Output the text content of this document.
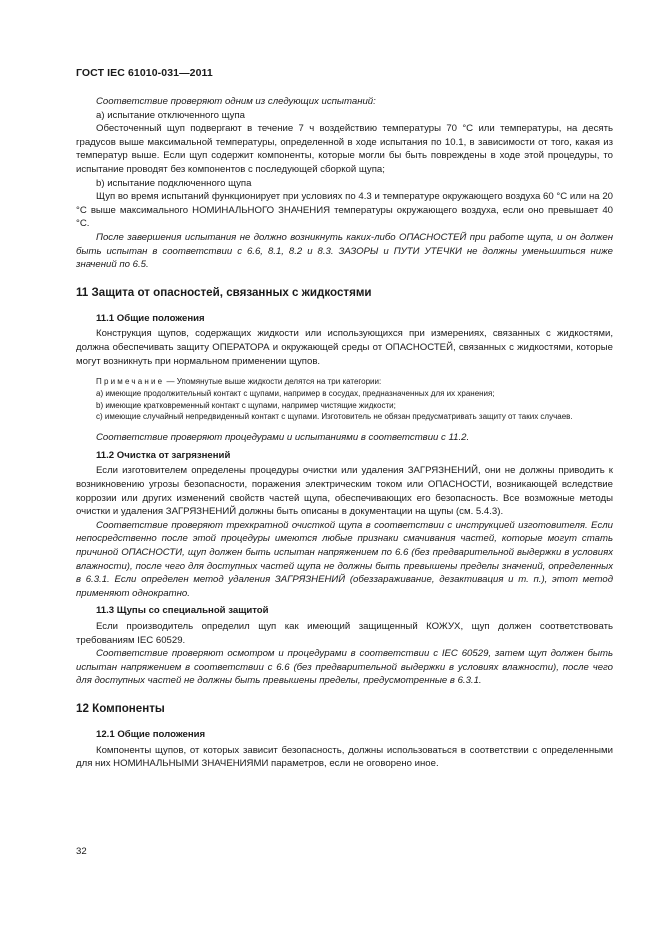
ГОСТ IEC 61010-031—2011

Соответствие проверяют одним из следующих испытаний:

а) испытание отключенного щупа

Обесточенный щуп подвергают в течение 7 ч воздействию температуры 70 °C или температуры, на десять градусов выше максимальной температуры, определенной в ходе испытания по 10.1, в зависимости от того, какая из температур выше. Если щуп содержит компоненты, которые могли бы быть повреждены в ходе этой процедуры, то испытание проводят без компонентов с последующей сборкой щупа;

b) испытание подключенного щупа

Щуп во время испытаний функционирует при условиях по 4.3 и температуре окружающего воздуха 60 °C или на 20 °C выше максимального НОМИНАЛЬНОГО ЗНАЧЕНИЯ температуры окружающего воздуха, если оно превышает 40 °C.

После завершения испытания не должно возникнуть каких-либо ОПАСНОСТЕЙ при работе щупа, и он должен быть испытан в соответствии с 6.6, 8.1, 8.2 и 8.3. ЗАЗОРЫ и ПУТИ УТЕЧКИ не должны уменьшиться ниже значений по 6.5.

11 Защита от опасностей, связанных с жидкостями

11.1 Общие положения

Конструкция щупов, содержащих жидкости или использующихся при измерениях, связанных с жидкостями, должна обеспечивать защиту ОПЕРАТОРА и окружающей среды от ОПАСНОСТЕЙ, связанных с жидкостями, которые могут возникнуть при нормальном применении щупов.

Примечание — Упомянутые выше жидкости делятся на три категории:

a) имеющие продолжительный контакт с щупами, например в сосудах, предназначенных для их хранения;

b) имеющие кратковременный контакт с щупами, например чистящие жидкости;

c) имеющие случайный непредвиденный контакт с щупами. Изготовитель не обязан предусматривать защиту от таких случаев.

Соответствие проверяют процедурами и испытаниями в соответствии с 11.2.

11.2 Очистка от загрязнений

Если изготовителем определены процедуры очистки или удаления ЗАГРЯЗНЕНИЙ, они не должны приводить к возникновению угрозы безопасности, поражения электрическим током или ОПАСНОСТИ, возникающей вследствие коррозии или других изменений свойств частей щупа, обеспечивающих его безопасность. Все возможные методы очистки и удаления ЗАГРЯЗНЕНИЙ должны быть описаны в документации на щупы (см. 5.4.3).

Соответствие проверяют трехкратной очисткой щупа в соответствии с инструкцией изготовителя. Если непосредственно после этой процедуры имеются любые признаки смачивания частей, которые могут стать причиной ОПАСНОСТИ, щуп должен быть испытан напряжением по 6.6 (без предварительной выдержки в условиях влажности), после чего для доступных частей щупа не должны быть превышены пределы значений, определенных в 6.3.1. Если определен метод удаления ЗАГРЯЗНЕНИЙ (обеззараживание, дезактивация и т. п.), этот метод применяют однократно.

11.3 Щупы со специальной защитой

Если производитель определил щуп как имеющий защищенный КОЖУХ, щуп должен соответствовать требованиям IEC 60529.

Соответствие проверяют осмотром и процедурами в соответствии с IEC 60529, затем щуп должен быть испытан напряжением в соответствии с 6.6 (без предварительной выдержки в условиях влажности), после чего для доступных частей не должны быть превышены пределы, предусмотренные в 6.3.1.

12 Компоненты

12.1 Общие положения

Компоненты щупов, от которых зависит безопасность, должны использоваться в соответствии с определенными для них НОМИНАЛЬНЫМИ ЗНАЧЕНИЯМИ параметров, если не оговорено иное.

32
